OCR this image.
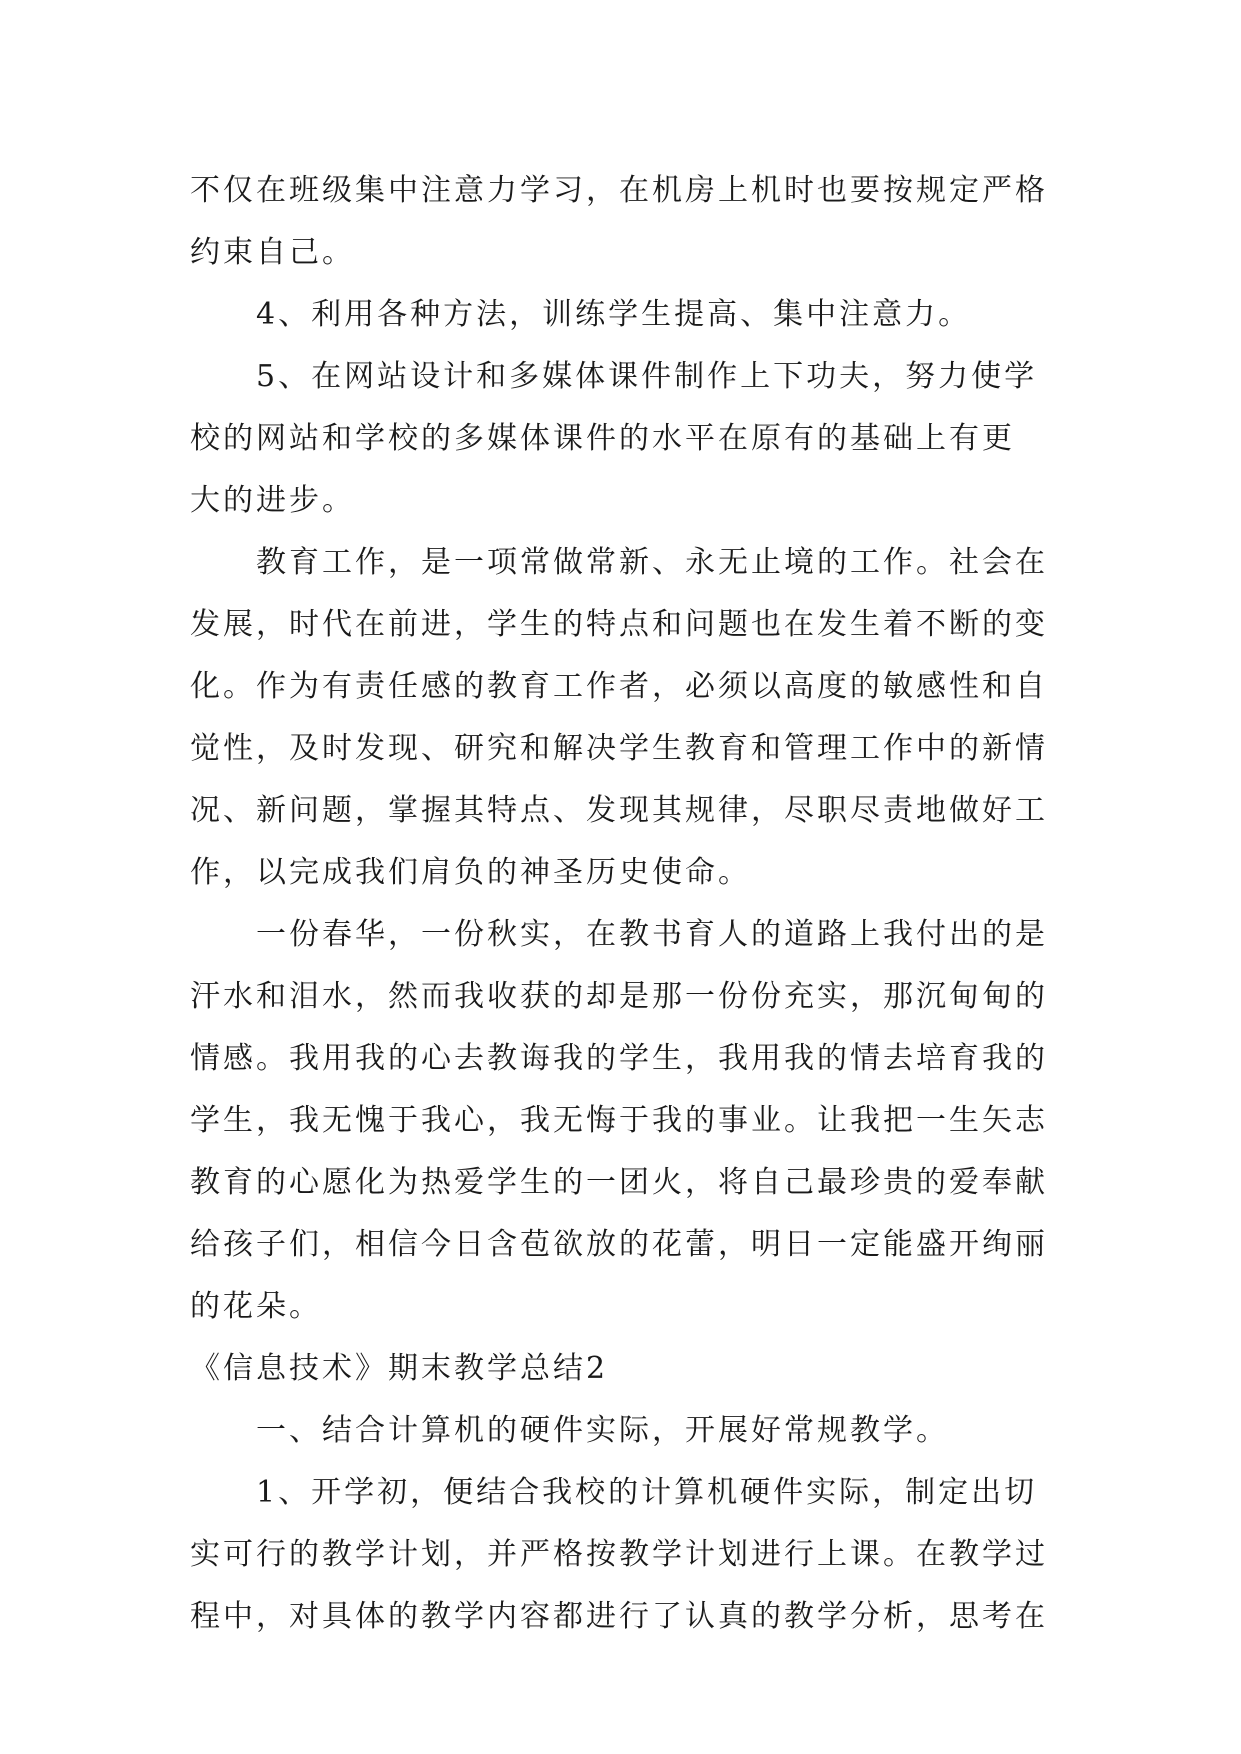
不仅在班级集中注意力学习，在机房上机时也要按规定严格
约束自己。
　　4、利用各种方法，训练学生提高、集中注意力。
　　5、在网站设计和多媒体课件制作上下功夫，努力使学
校的网站和学校的多媒体课件的水平在原有的基础上有更
大的进步。
　　教育工作，是一项常做常新、永无止境的工作。社会在
发展，时代在前进，学生的特点和问题也在发生着不断的变
化。作为有责任感的教育工作者，必须以高度的敏感性和自
觉性，及时发现、研究和解决学生教育和管理工作中的新情
况、新问题，掌握其特点、发现其规律，尽职尽责地做好工
作，以完成我们肩负的神圣历史使命。
　　一份春华，一份秋实，在教书育人的道路上我付出的是
汗水和泪水，然而我收获的却是那一份份充实，那沉甸甸的
情感。我用我的心去教诲我的学生，我用我的情去培育我的
学生，我无愧于我心，我无悔于我的事业。让我把一生矢志
教育的心愿化为热爱学生的一团火，将自己最珍贵的爱奉献
给孩子们，相信今日含苞欲放的花蕾，明日一定能盛开绚丽
的花朵。
《信息技术》期末教学总结2
　　一、结合计算机的硬件实际，开展好常规教学。
　　1、开学初，便结合我校的计算机硬件实际，制定出切
实可行的教学计划，并严格按教学计划进行上课。在教学过
程中，对具体的教学内容都进行了认真的教学分析，思考在
